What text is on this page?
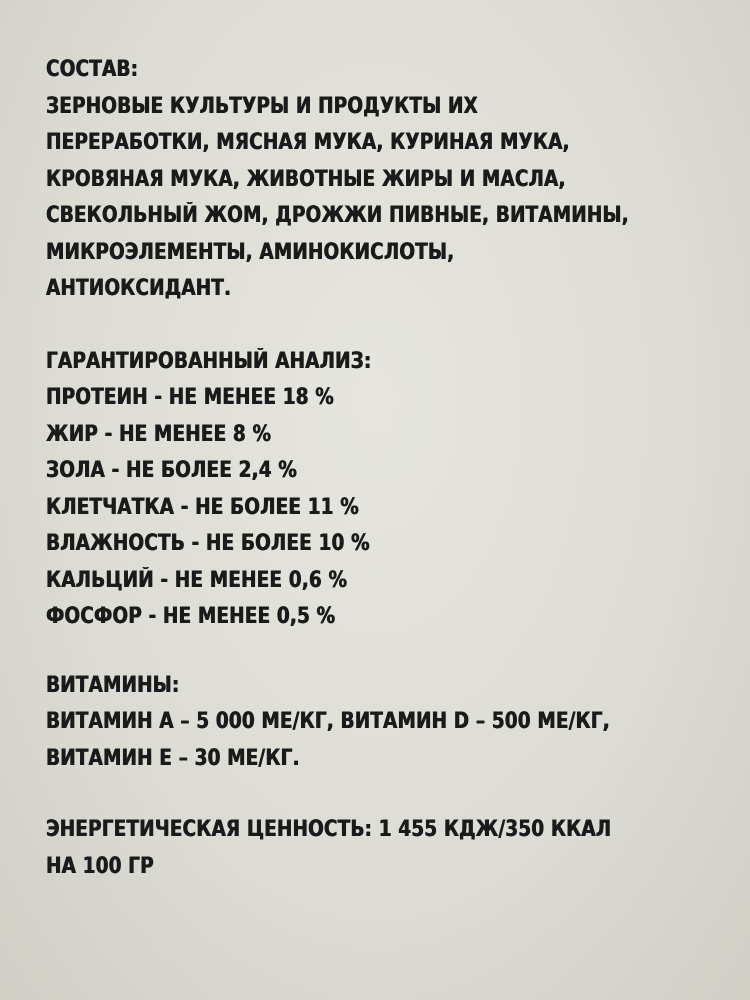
СОСТАВ:
ЗЕРНОВЫЕ КУЛЬТУРЫ И ПРОДУКТЫ ИХ
ПЕРЕРАБОТКИ, МЯСНАЯ МУКА, КУРИНАЯ МУКА,
КРОВЯНАЯ МУКА, ЖИВОТНЫЕ ЖИРЫ И МАСЛА,
СВЕКОЛЬНЫЙ ЖОМ, ДРОЖЖИ ПИВНЫЕ, ВИТАМИНЫ,
МИКРОЭЛЕМЕНТЫ, АМИНОКИСЛОТЫ,
АНТИОКСИДАНТ.
ГАРАНТИРОВАННЫЙ АНАЛИЗ:
ПРОТЕИН - НЕ МЕНЕЕ 18 %
ЖИР - НЕ МЕНЕЕ 8 %
ЗОЛА - НЕ БОЛЕЕ 2,4 %
КЛЕТЧАТКА - НЕ БОЛЕЕ 11 %
ВЛАЖНОСТЬ - НЕ БОЛЕЕ 10 %
КАЛЬЦИЙ - НЕ МЕНЕЕ 0,6 %
ФОСФОР - НЕ МЕНЕЕ 0,5 %
ВИТАМИНЫ:
ВИТАМИН А – 5 000 МЕ/КГ, ВИТАМИН D – 500 МЕ/КГ,
ВИТАМИН Е – 30 МЕ/КГ.
ЭНЕРГЕТИЧЕСКАЯ ЦЕННОСТЬ: 1 455 КДЖ/350 ККАЛ
НА 100 ГР
